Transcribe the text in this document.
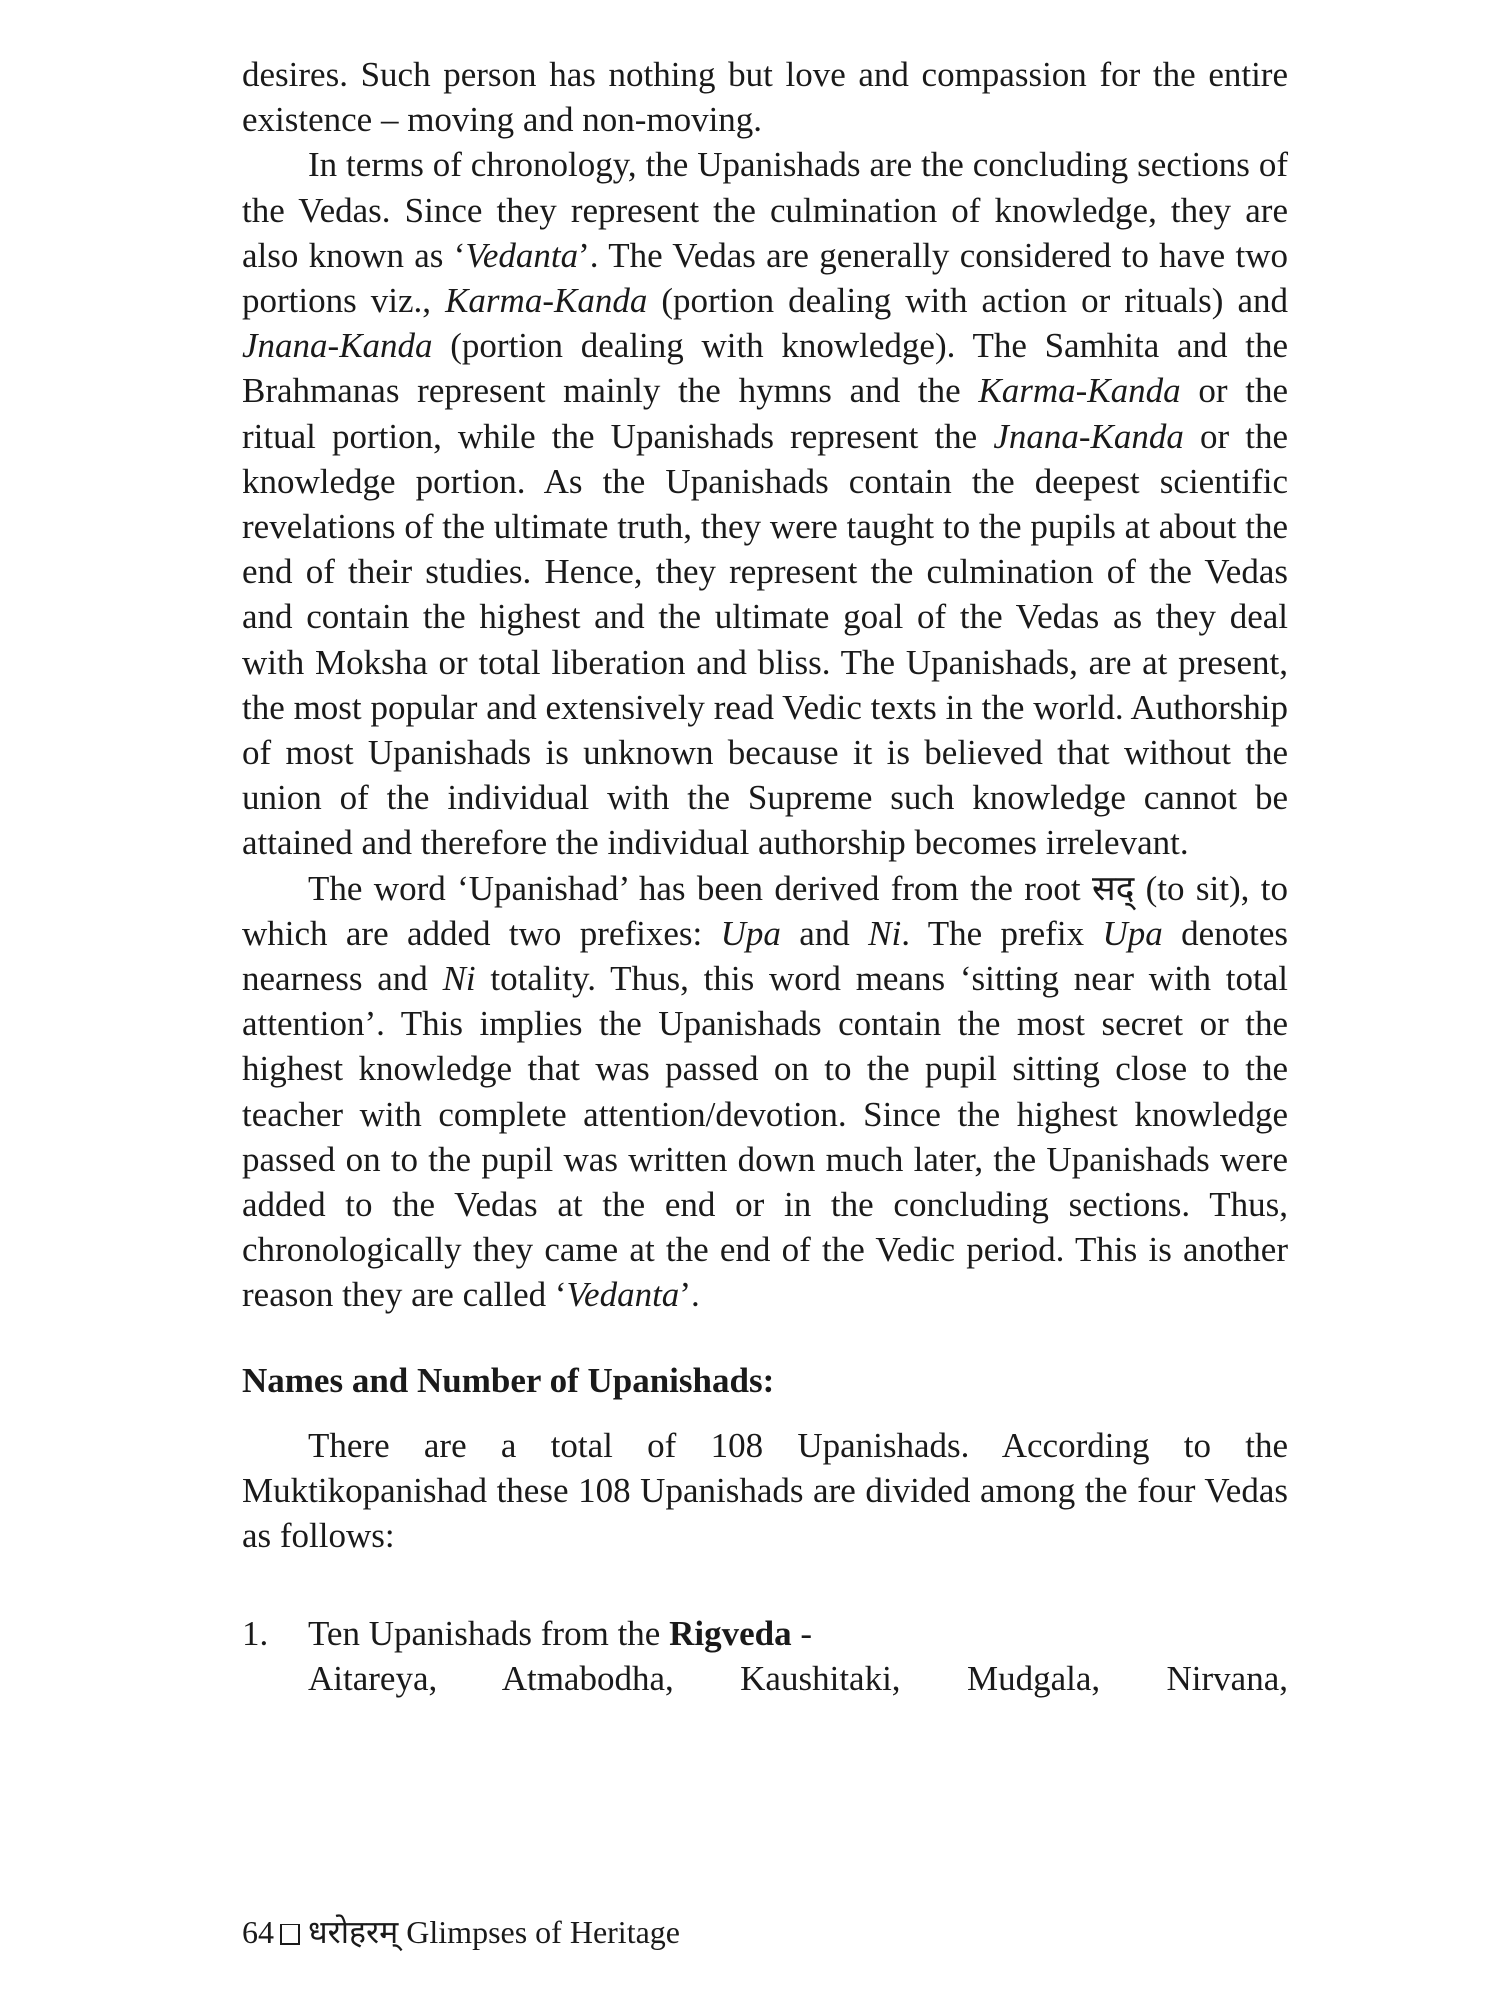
desires. Such person has nothing but love and compassion for the entire existence – moving and non-moving.

In terms of chronology, the Upanishads are the concluding sections of the Vedas. Since they represent the culmination of knowledge, they are also known as ‘Vedanta’. The Vedas are generally considered to have two portions viz., Karma-Kanda (portion dealing with action or rituals) and Jnana-Kanda (portion dealing with knowledge). The Samhita and the Brahmanas represent mainly the hymns and the Karma-Kanda or the ritual portion, while the Upanishads represent the Jnana-Kanda or the knowledge portion. As the Upanishads contain the deepest scientific revelations of the ultimate truth, they were taught to the pupils at about the end of their studies. Hence, they represent the culmination of the Vedas and contain the highest and the ultimate goal of the Vedas as they deal with Moksha or total liberation and bliss. The Upanishads, are at present, the most popular and extensively read Vedic texts in the world. Authorship of most Upanishads is unknown because it is believed that without the union of the individual with the Supreme such knowledge cannot be attained and therefore the individual authorship becomes irrelevant.

The word ‘Upanishad’ has been derived from the root सद् (to sit), to which are added two prefixes: Upa and Ni. The prefix Upa denotes nearness and Ni totality. Thus, this word means ‘sitting near with total attention’. This implies the Upanishads contain the most secret or the highest knowledge that was passed on to the pupil sitting close to the teacher with complete attention/devotion. Since the highest knowledge passed on to the pupil was written down much later, the Upanishads were added to the Vedas at the end or in the concluding sections. Thus, chronologically they came at the end of the Vedic period. This is another reason they are called ‘Vedanta’.

Names and Number of Upanishads:

There are a total of 108 Upanishads. According to the Muktikopanishad these 108 Upanishads are divided among the four Vedas as follows:

1.	Ten Upanishads from the Rigveda -
Aitareya, Atmabodha, Kaushitaki, Mudgala, Nirvana,
64 धरोहरम् Glimpses of Heritage
